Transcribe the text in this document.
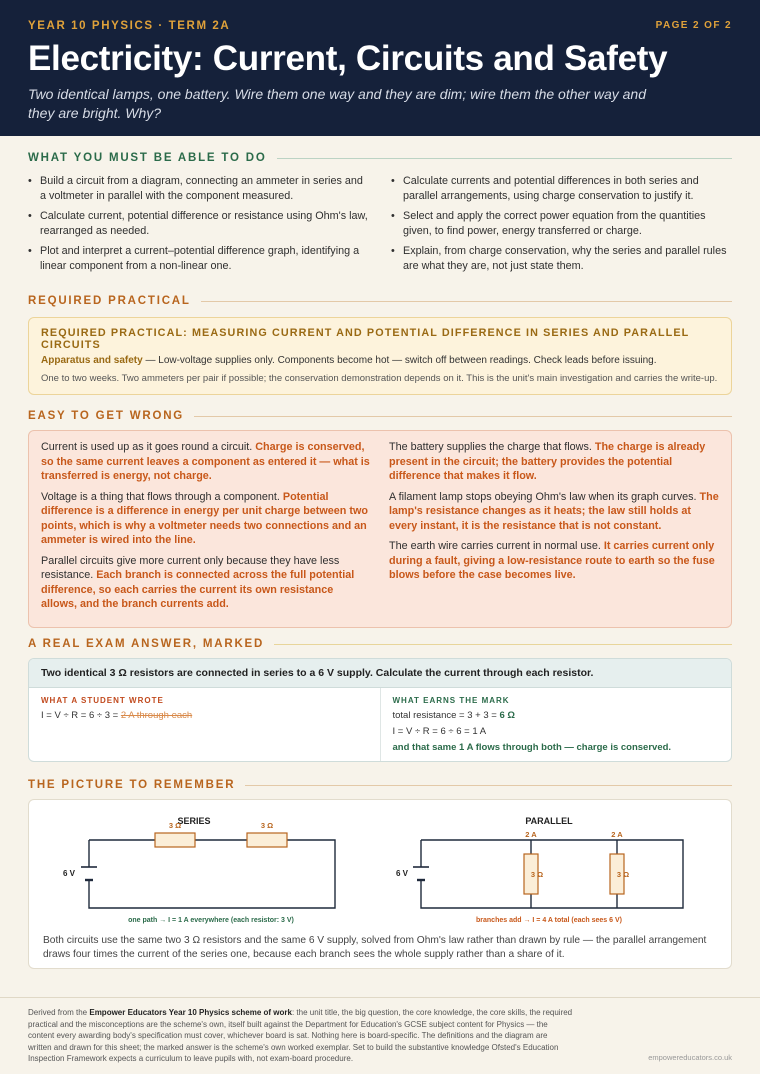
YEAR 10 PHYSICS · TERM 2A	PAGE 2 OF 2
Electricity: Current, Circuits and Safety
Two identical lamps, one battery. Wire them one way and they are dim; wire them the other way and they are bright. Why?
WHAT YOU MUST BE ABLE TO DO
• Build a circuit from a diagram, connecting an ammeter in series and a voltmeter in parallel with the component measured.
• Calculate current, potential difference or resistance using Ohm's law, rearranged as needed.
• Plot and interpret a current–potential difference graph, identifying a linear component from a non-linear one.
• Calculate currents and potential differences in both series and parallel arrangements, using charge conservation to justify it.
• Select and apply the correct power equation from the quantities given, to find power, energy transferred or charge.
• Explain, from charge conservation, why the series and parallel rules are what they are, not just state them.
REQUIRED PRACTICAL
REQUIRED PRACTICAL: MEASURING CURRENT AND POTENTIAL DIFFERENCE IN SERIES AND PARALLEL CIRCUITS
Apparatus and safety — Low-voltage supplies only. Components become hot — switch off between readings. Check leads before issuing.
One to two weeks. Two ammeters per pair if possible; the conservation demonstration depends on it. This is the unit's main investigation and carries the write-up.
EASY TO GET WRONG
Current is used up as it goes round a circuit. Charge is conserved, so the same current leaves a component as entered it — what is transferred is energy, not charge.
Voltage is a thing that flows through a component. Potential difference is a difference in energy per unit charge between two points, which is why a voltmeter needs two connections and an ammeter is wired into the line.
Parallel circuits give more current only because they have less resistance. Each branch is connected across the full potential difference, so each carries the current its own resistance allows, and the branch currents add.
The battery supplies the charge that flows. The charge is already present in the circuit; the battery provides the potential difference that makes it flow.
A filament lamp stops obeying Ohm's law when its graph curves. The lamp's resistance changes as it heats; the law still holds at every instant, it is the resistance that is not constant.
The earth wire carries current in normal use. It carries current only during a fault, giving a low-resistance route to earth so the fuse blows before the case becomes live.
A REAL EXAM ANSWER, MARKED
Two identical 3 Ω resistors are connected in series to a 6 V supply. Calculate the current through each resistor.
WHAT A STUDENT WROTE
I = V ÷ R = 6 ÷ 3 = 2 A through each
WHAT EARNS THE MARK
total resistance = 3 + 3 = 6 Ω
I = V ÷ R = 6 ÷ 6 = 1 A
and that same 1 A flows through both — charge is conserved.
THE PICTURE TO REMEMBER
SERIES
3 Ω	3 Ω
6 V
one path → I = 1 A everywhere (each resistor: 3 V)
PARALLEL
2 A	2 A
3 Ω	3 Ω
6 V
branches add → I = 4 A total (each sees 6 V)
Both circuits use the same two 3 Ω resistors and the same 6 V supply, solved from Ohm's law rather than drawn by rule — the parallel arrangement draws four times the current of the series one, because each branch sees the whole supply rather than a share of it.

Derived from the Empower Educators Year 10 Physics scheme of work: the unit title, the big question, the core knowledge, the core skills, the required practical and the misconceptions are the scheme's own, itself built against the Department for Education's GCSE subject content for Physics — the content every awarding body's specification must cover, whichever board is sat. Nothing here is board-specific. The definitions and the diagram are written and drawn for this sheet; the marked answer is the scheme's own worked exemplar. Set to build the substantive knowledge Ofsted's Education Inspection Framework expects a curriculum to leave pupils with, not exam-board procedure.	empowereducators.co.uk
